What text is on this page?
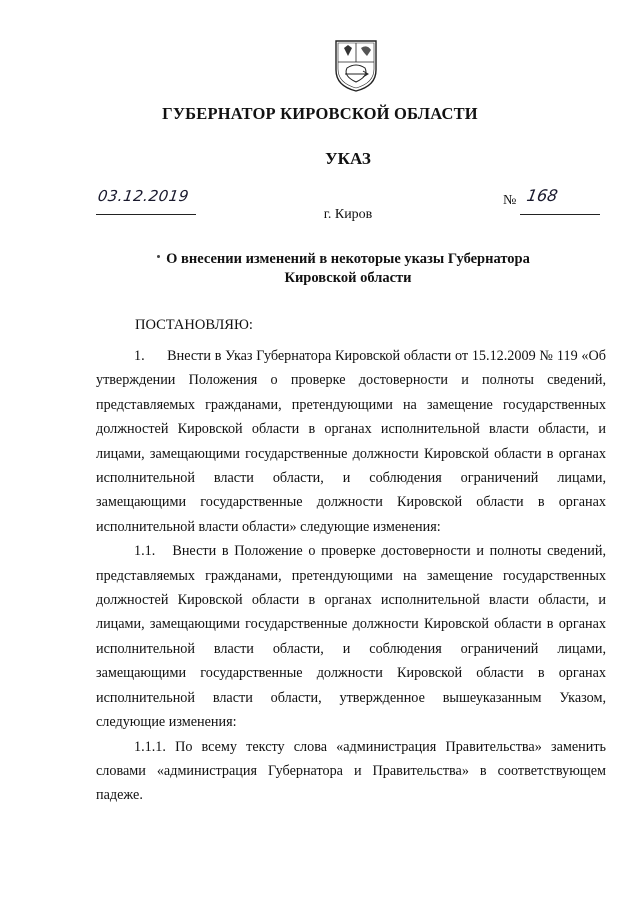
ГУБЕРНАТОР КИРОВСКОЙ ОБЛАСТИ
УКАЗ
03.12.2019	№ 168
г. Киров
О внесении изменений в некоторые указы Губернатора
Кировской области
ПОСТАНОВЛЯЮ:

1.      Внести в Указ Губернатора Кировской области от 15.12.2009 № 119 «Об утверждении Положения о проверке достоверности и полноты сведений, представляемых гражданами, претендующими на замещение государственных должностей Кировской области в органах исполнительной власти области, и лицами, замещающими государственные должности Кировской области в органах исполнительной власти области, и соблюдения ограничений лицами, замещающими государственные должности Кировской области в органах исполнительной власти области» следующие изменения:

1.1.   Внести в Положение о проверке достоверности и полноты сведений, представляемых гражданами, претендующими на замещение государственных должностей Кировской области в органах исполнительной власти области, и лицами, замещающими государственные должности Кировской области в органах исполнительной власти области, и соблюдения ограничений лицами, замещающими государственные должности Кировской области в органах исполнительной власти области, утвержденное вышеуказанным Указом, следующие изменения:

1.1.1. По всему тексту слова «администрация Правительства» заменить словами «администрация Губернатора и Правительства» в соответствующем падеже.
